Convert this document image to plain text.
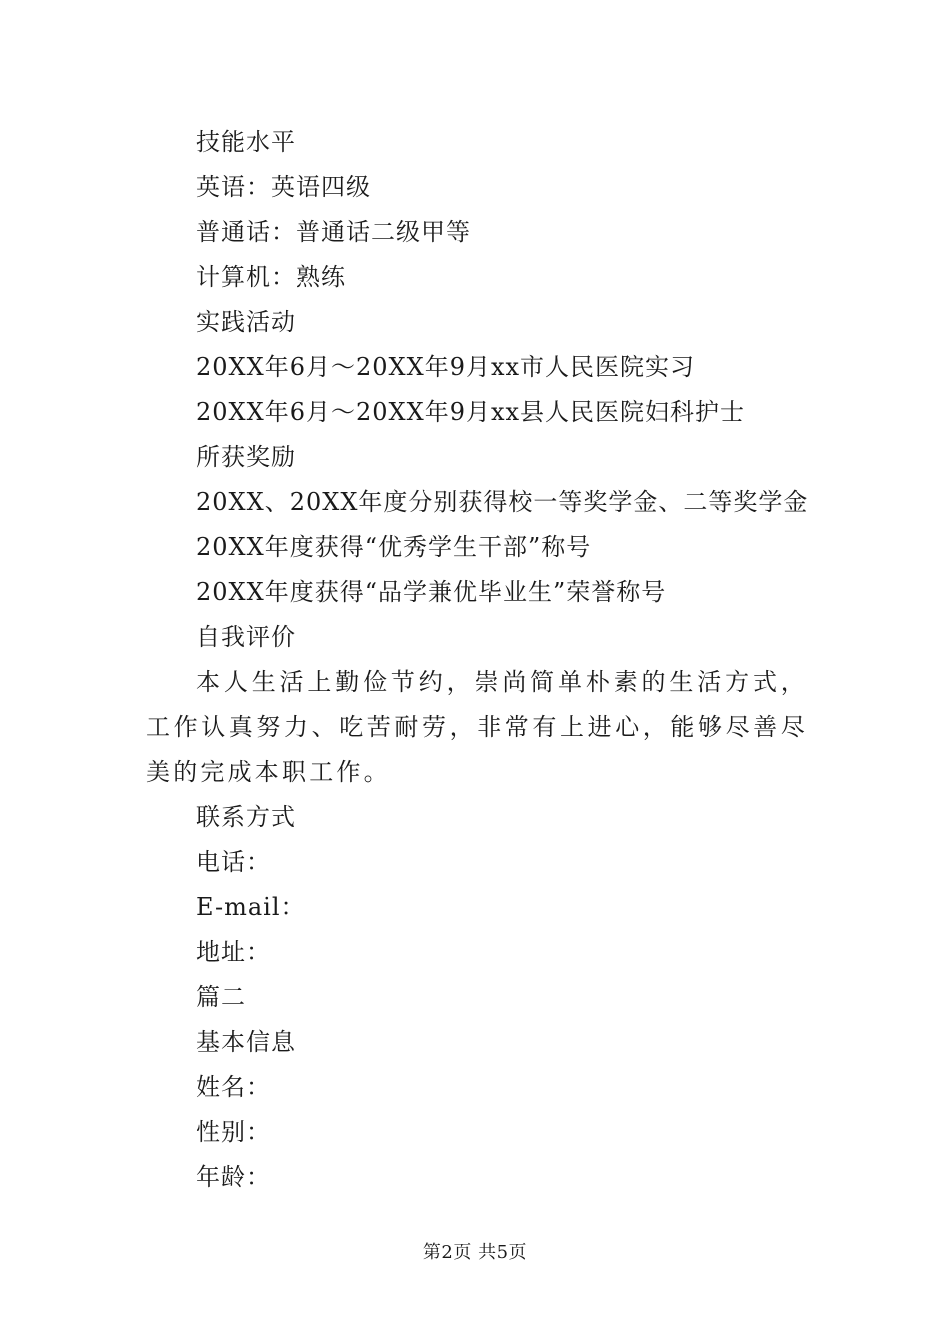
技能水平
英语：英语四级
普通话：普通话二级甲等
计算机：熟练
实践活动
20XX年6月～20XX年9月xx市人民医院实习
20XX年6月～20XX年9月xx县人民医院妇科护士
所获奖励
20XX、20XX年度分别获得校一等奖学金、二等奖学金
20XX年度获得“优秀学生干部”称号
20XX年度获得“品学兼优毕业生”荣誉称号
自我评价
本人生活上勤俭节约，崇尚简单朴素的生活方式，工作认真努力、吃苦耐劳，非常有上进心，能够尽善尽美的完成本职工作。
联系方式
电话：
E-mail：
地址：
篇二
基本信息
姓名：
性别：
年龄：
第2页 共5页
